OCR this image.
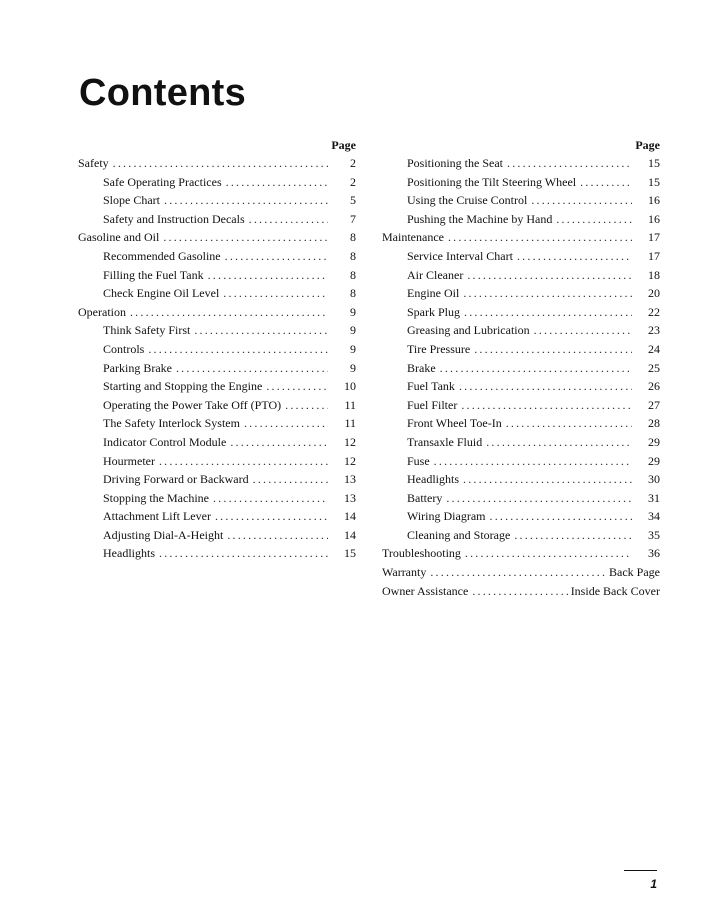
Contents
Page
Safety .....	2
Safe Operating Practices .....	2
Slope Chart .....	5
Safety and Instruction Decals .....	7
Gasoline and Oil .....	8
Recommended Gasoline .....	8
Filling the Fuel Tank .....	8
Check Engine Oil Level .....	8
Operation .....	9
Think Safety First .....	9
Controls .....	9
Parking Brake .....	9
Starting and Stopping the Engine .....	10
Operating the Power Take Off (PTO) .....	11
The Safety Interlock System .....	11
Indicator Control Module .....	12
Hourmeter .....	12
Driving Forward or Backward .....	13
Stopping the Machine .....	13
Attachment Lift Lever .....	14
Adjusting Dial-A-Height .....	14
Headlights .....	15
Page
Positioning the Seat .....	15
Positioning the Tilt Steering Wheel .....	15
Using the Cruise Control .....	16
Pushing the Machine by Hand .....	16
Maintenance .....	17
Service Interval Chart .....	17
Air Cleaner .....	18
Engine Oil .....	20
Spark Plug .....	22
Greasing and Lubrication .....	23
Tire Pressure .....	24
Brake .....	25
Fuel Tank .....	26
Fuel Filter .....	27
Front Wheel Toe-In .....	28
Transaxle Fluid .....	29
Fuse .....	29
Headlights .....	30
Battery .....	31
Wiring Diagram .....	34
Cleaning and Storage .....	35
Troubleshooting .....	36
Warranty .....	Back Page
Owner Assistance .....	Inside Back Cover
1
